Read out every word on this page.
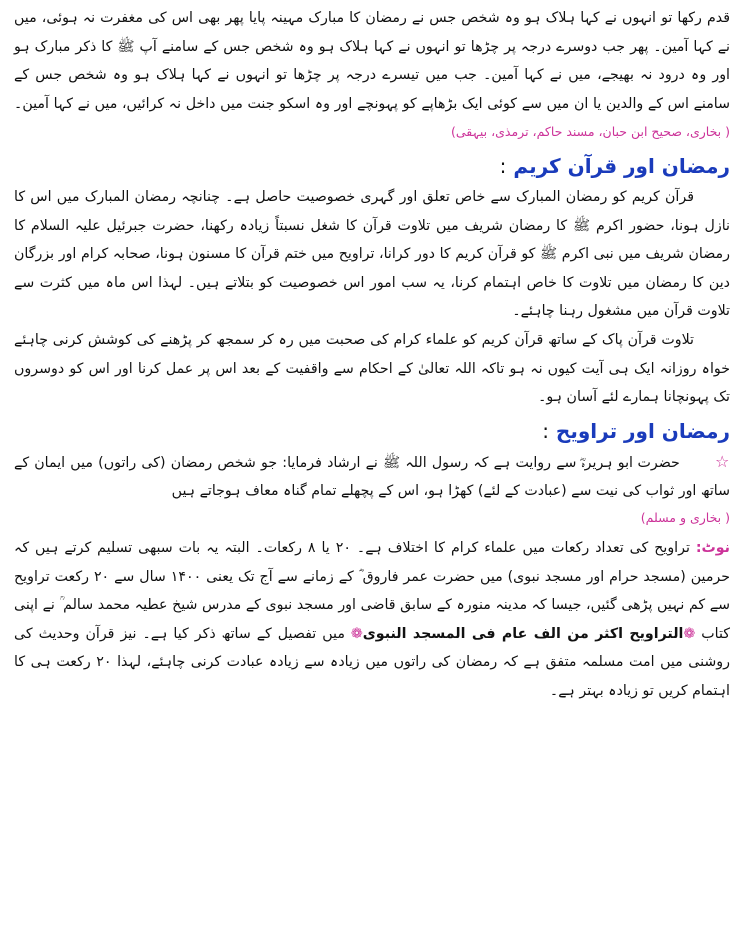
قدم رکھا تو انہوں نے کہا ہلاک ہو وہ شخص جس نے رمضان کا مبارک مہینہ پایا پھر بھی اس کی مغفرت نہ ہوئی، میں نے کہا آمین۔ پھر جب دوسرے درجہ پر چڑھا تو انہوں نے کہا ہلاک ہو وہ شخص جس کے سامنے آپ ﷺ کا ذکر مبارک ہو اور وہ درود نہ بھیجے، میں نے کہا آمین۔ جب میں تیسرے درجہ پر چڑھا تو انہوں نے کہا ہلاک ہو وہ شخص جس کے سامنے اس کے والدین یا ان میں سے کوئی ایک بڑھاپے کو پہونچے اور وہ اسکو جنت میں داخل نہ کرائیں، میں نے کہا آمین۔ ( بخاری، صحیح ابن حبان، مسند حاکم، ترمذی، بیہقی)

رمضان اور قرآن کریم :

قرآن کریم کو رمضان المبارک سے خاص تعلق اور گہری خصوصیت حاصل ہے۔ چنانچہ رمضان المبارک میں اس کا نازل ہونا، حضور اکرم ﷺ کا رمضان شریف میں تلاوت قرآن کا شغل نسبتاً زیادہ رکھنا، حضرت جبرئیل علیہ السلام کا رمضان شریف میں نبی اکرم ﷺ کو قرآن کریم کا دور کرانا، تراویح میں ختم قرآن کا مسنون ہونا، صحابہ کرام اور بزرگان دین کا رمضان میں تلاوت کا خاص اہتمام کرنا، یہ سب امور اس خصوصیت کو بتلاتے ہیں۔ لہذا اس ماہ میں کثرت سے تلاوت قرآن میں مشغول رہنا چاہئے۔

تلاوت قرآن پاک کے ساتھ قرآن کریم کو علماء کرام کی صحبت میں رہ کر سمجھ کر پڑھنے کی کوشش کرنی چاہئے خواہ روزانہ ایک ہی آیت کیوں نہ ہو تاکہ اللہ تعالیٰ کے احکام سے واقفیت کے بعد اس پر عمل کرنا اور اس کو دوسروں تک پہونچانا ہمارے لئے آسان ہو۔

رمضان اور تراویح :

☆ حضرت ابو ہریرہؓ سے روایت ہے کہ رسول اللہ ﷺ نے ارشاد فرمایا: جو شخص رمضان (کی راتوں) میں ایمان کے ساتھ اور ثواب کی نیت سے (عبادت کے لئے) کھڑا ہو، اس کے پچھلے تمام گناہ معاف ہوجاتے ہیں

( بخاری و مسلم)

نوٹ: تراویح کی تعداد رکعات میں علماء کرام کا اختلاف ہے۔ ۲۰ یا ۸ رکعات۔ البتہ یہ بات سبھی تسلیم کرتے ہیں کہ حرمین (مسجد حرام اور مسجد نبوی) میں حضرت عمر فاروق ؓ کے زمانے سے آج تک یعنی ۱۴۰۰ سال سے ۲۰ رکعت تراویح سے کم نہیں پڑھی گئیں، جیسا کہ مدینہ منورہ کے سابق قاضی اور مسجد نبوی کے مدرس شیخ عطیہ محمد سالم ؒ نے اپنی کتاب ❁التراویح اکثر من الف عام فی المسجد النبوی❁ میں تفصیل کے ساتھ ذکر کیا ہے۔ نیز قرآن وحدیث کی روشنی میں امت مسلمہ متفق ہے کہ رمضان کی راتوں میں زیادہ سے زیادہ عبادت کرنی چاہئے، لہذا ۲۰ رکعت ہی کا اہتمام کریں تو زیادہ بہتر ہے۔
